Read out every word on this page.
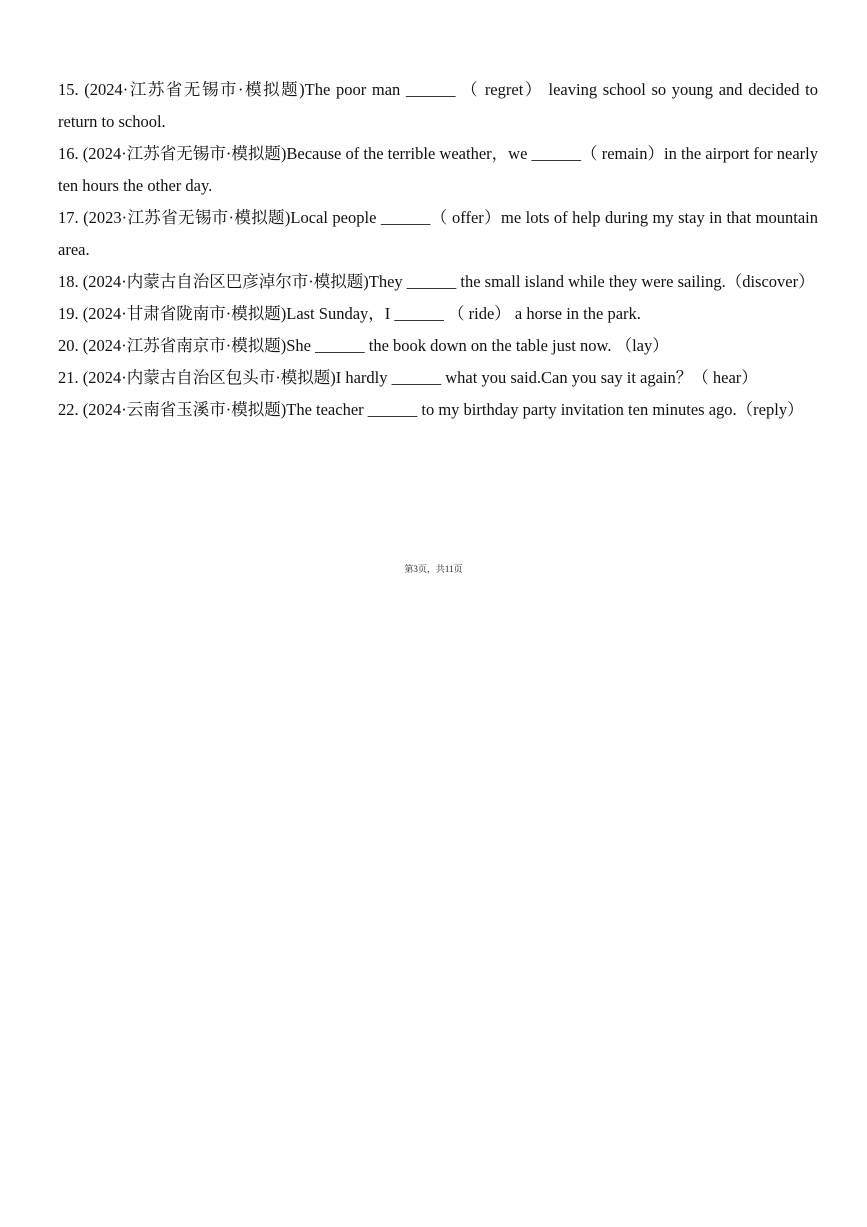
15. (2024·江苏省无锡市·模拟题)The poor man ______ （ regret） leaving school so young and decided to return to school.

16. (2024·江苏省无锡市·模拟题)Because of the terrible weather，we ______（ remain）in the airport for nearly ten hours the other day.

17. (2023·江苏省无锡市·模拟题)Local people ______（ offer）me lots of help during my stay in that mountain area.

18. (2024·内蒙古自治区巴彦淖尔市·模拟题)They ______ the small island while they were sailing.（discover）

19. (2024·甘肃省陇南市·模拟题)Last Sunday，I ______ （ ride） a horse in the park.

20. (2024·江苏省南京市·模拟题)She ______ the book down on the table just now. （lay）

21. (2024·内蒙古自治区包头市·模拟题)I hardly ______ what you said.Can you say it again？（ hear）

22. (2024·云南省玉溪市·模拟题)The teacher ______ to my birthday party invitation ten minutes ago.（reply）

第3页，共11页
